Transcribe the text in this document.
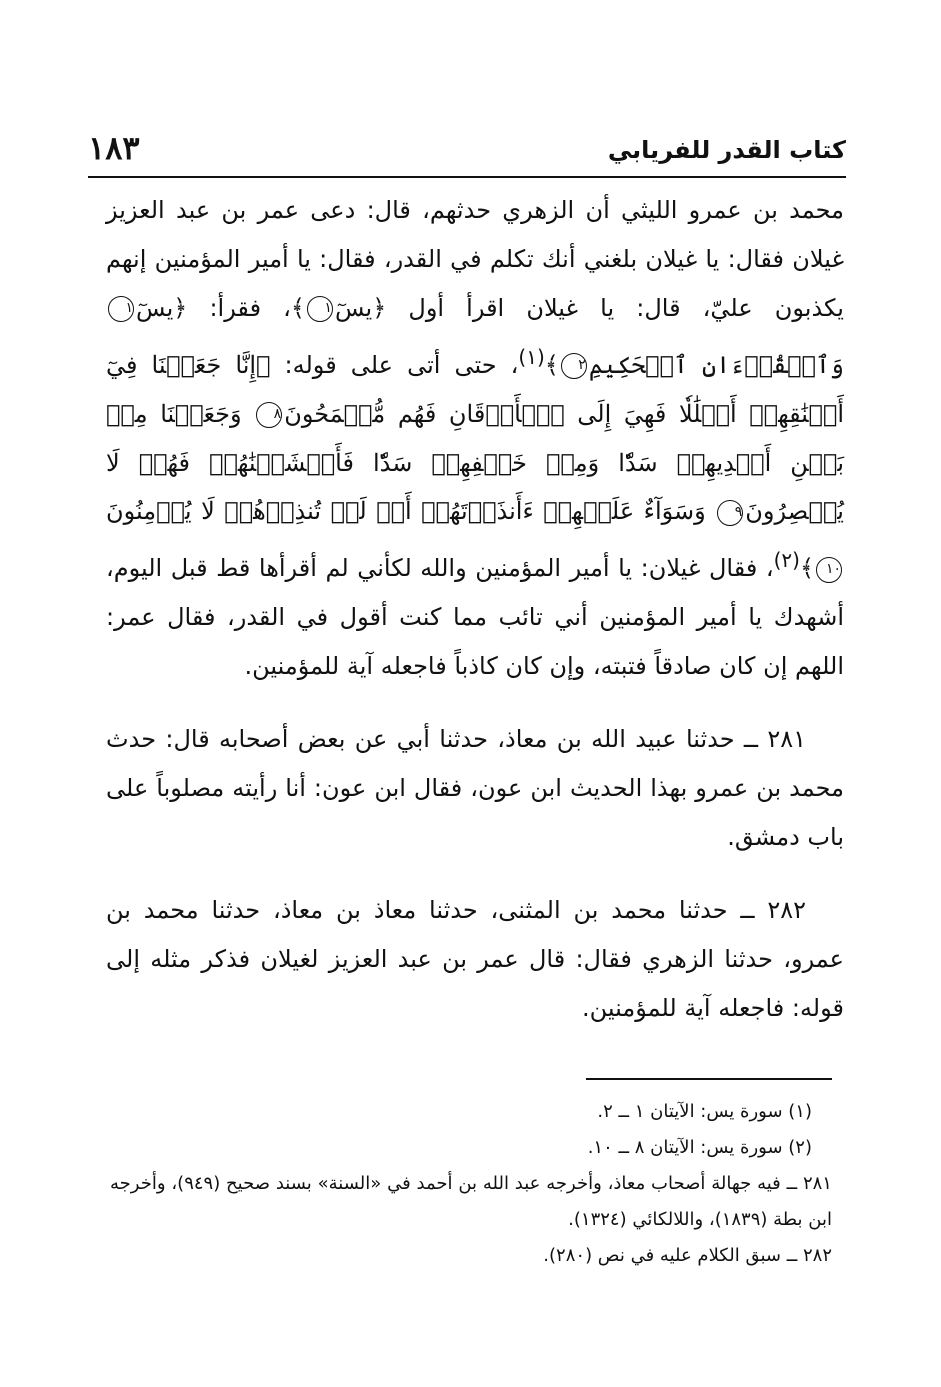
١٨٣	كتاب القدر للفريابي

محمد بن عمرو الليثي أن الزهري حدثهم، قال: دعى عمر بن عبد العزيز غيلان فقال: يا غيلان بلغني أنك تكلم في القدر، فقال: يا أمير المؤمنين إنهم يكذبون عليّ، قال: يا غيلان اقرأ أول ﴿يسٓ١﴾، فقرأ: ﴿يسٓ١ وَٱلۡقُرۡءَانِ ٱلۡحَكِيمِ٢﴾$^{(١)}$، حتى أتى على قوله: ﴿إِنَّا جَعَلۡنَا فِيٓ أَعۡنَٰقِهِمۡ أَغۡلَٰلٗا فَهِيَ إِلَى ٱلۡأَذۡقَانِ فَهُم مُّقۡمَحُونَ٨ وَجَعَلۡنَا مِنۢ بَيۡنِ أَيۡدِيهِمۡ سَدّٗا وَمِنۡ خَلۡفِهِمۡ سَدّٗا فَأَغۡشَيۡنَٰهُمۡ فَهُمۡ لَا يُبۡصِرُونَ٩ وَسَوَآءٌ عَلَيۡهِمۡ ءَأَنذَرۡتَهُمۡ أَمۡ لَمۡ تُنذِرۡهُمۡ لَا يُؤۡمِنُونَ١٠﴾$^{(٢)}$، فقال غيلان: يا أمير المؤمنين والله لكأني لم أقرأها قط قبل اليوم، أشهدك يا أمير المؤمنين أني تائب مما كنت أقول في القدر، فقال عمر: اللهم إن كان صادقاً فتبته، وإن كان كاذباً فاجعله آية للمؤمنين.

٢٨١ ــ حدثنا عبيد الله بن معاذ، حدثنا أبي عن بعض أصحابه قال: حدث محمد بن عمرو بهذا الحديث ابن عون، فقال ابن عون: أنا رأيته مصلوباً على باب دمشق.

٢٨٢ ــ حدثنا محمد بن المثنى، حدثنا معاذ بن معاذ، حدثنا محمد بن عمرو، حدثنا الزهري فقال: قال عمر بن عبد العزيز لغيلان فذكر مثله إلى قوله: فاجعله آية للمؤمنين.

(١) سورة يس: الآيتان ١ ــ ٢.

(٢) سورة يس: الآيتان ٨ ــ ١٠.

٢٨١ ــ فيه جهالة أصحاب معاذ، وأخرجه عبد الله بن أحمد في «السنة» بسند صحيح (٩٤٩)، وأخرجه ابن بطة (١٨٣٩)، واللالكائي (١٣٢٤).

٢٨٢ ــ سبق الكلام عليه في نص (٢٨٠).
